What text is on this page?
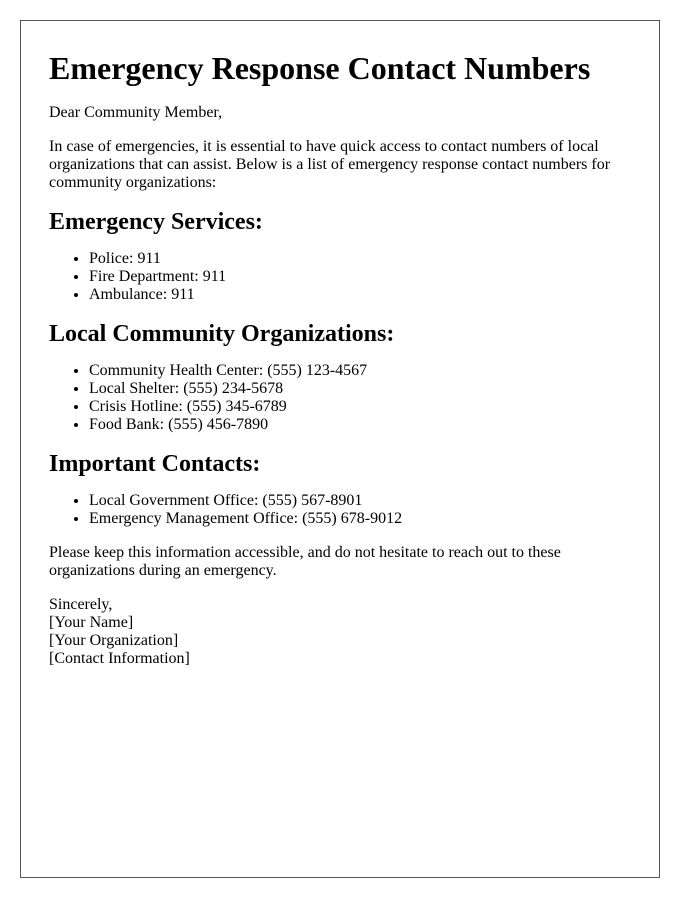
Emergency Response Contact Numbers

Dear Community Member,

In case of emergencies, it is essential to have quick access to contact numbers of local organizations that can assist. Below is a list of emergency response contact numbers for community organizations:

Emergency Services:
• Police: 911
• Fire Department: 911
• Ambulance: 911
Local Community Organizations:
• Community Health Center: (555) 123-4567
• Local Shelter: (555) 234-5678
• Crisis Hotline: (555) 345-6789
• Food Bank: (555) 456-7890
Important Contacts:
• Local Government Office: (555) 567-8901
• Emergency Management Office: (555) 678-9012

Please keep this information accessible, and do not hesitate to reach out to these organizations during an emergency.

Sincerely,
[Your Name]
[Your Organization]
[Contact Information]
